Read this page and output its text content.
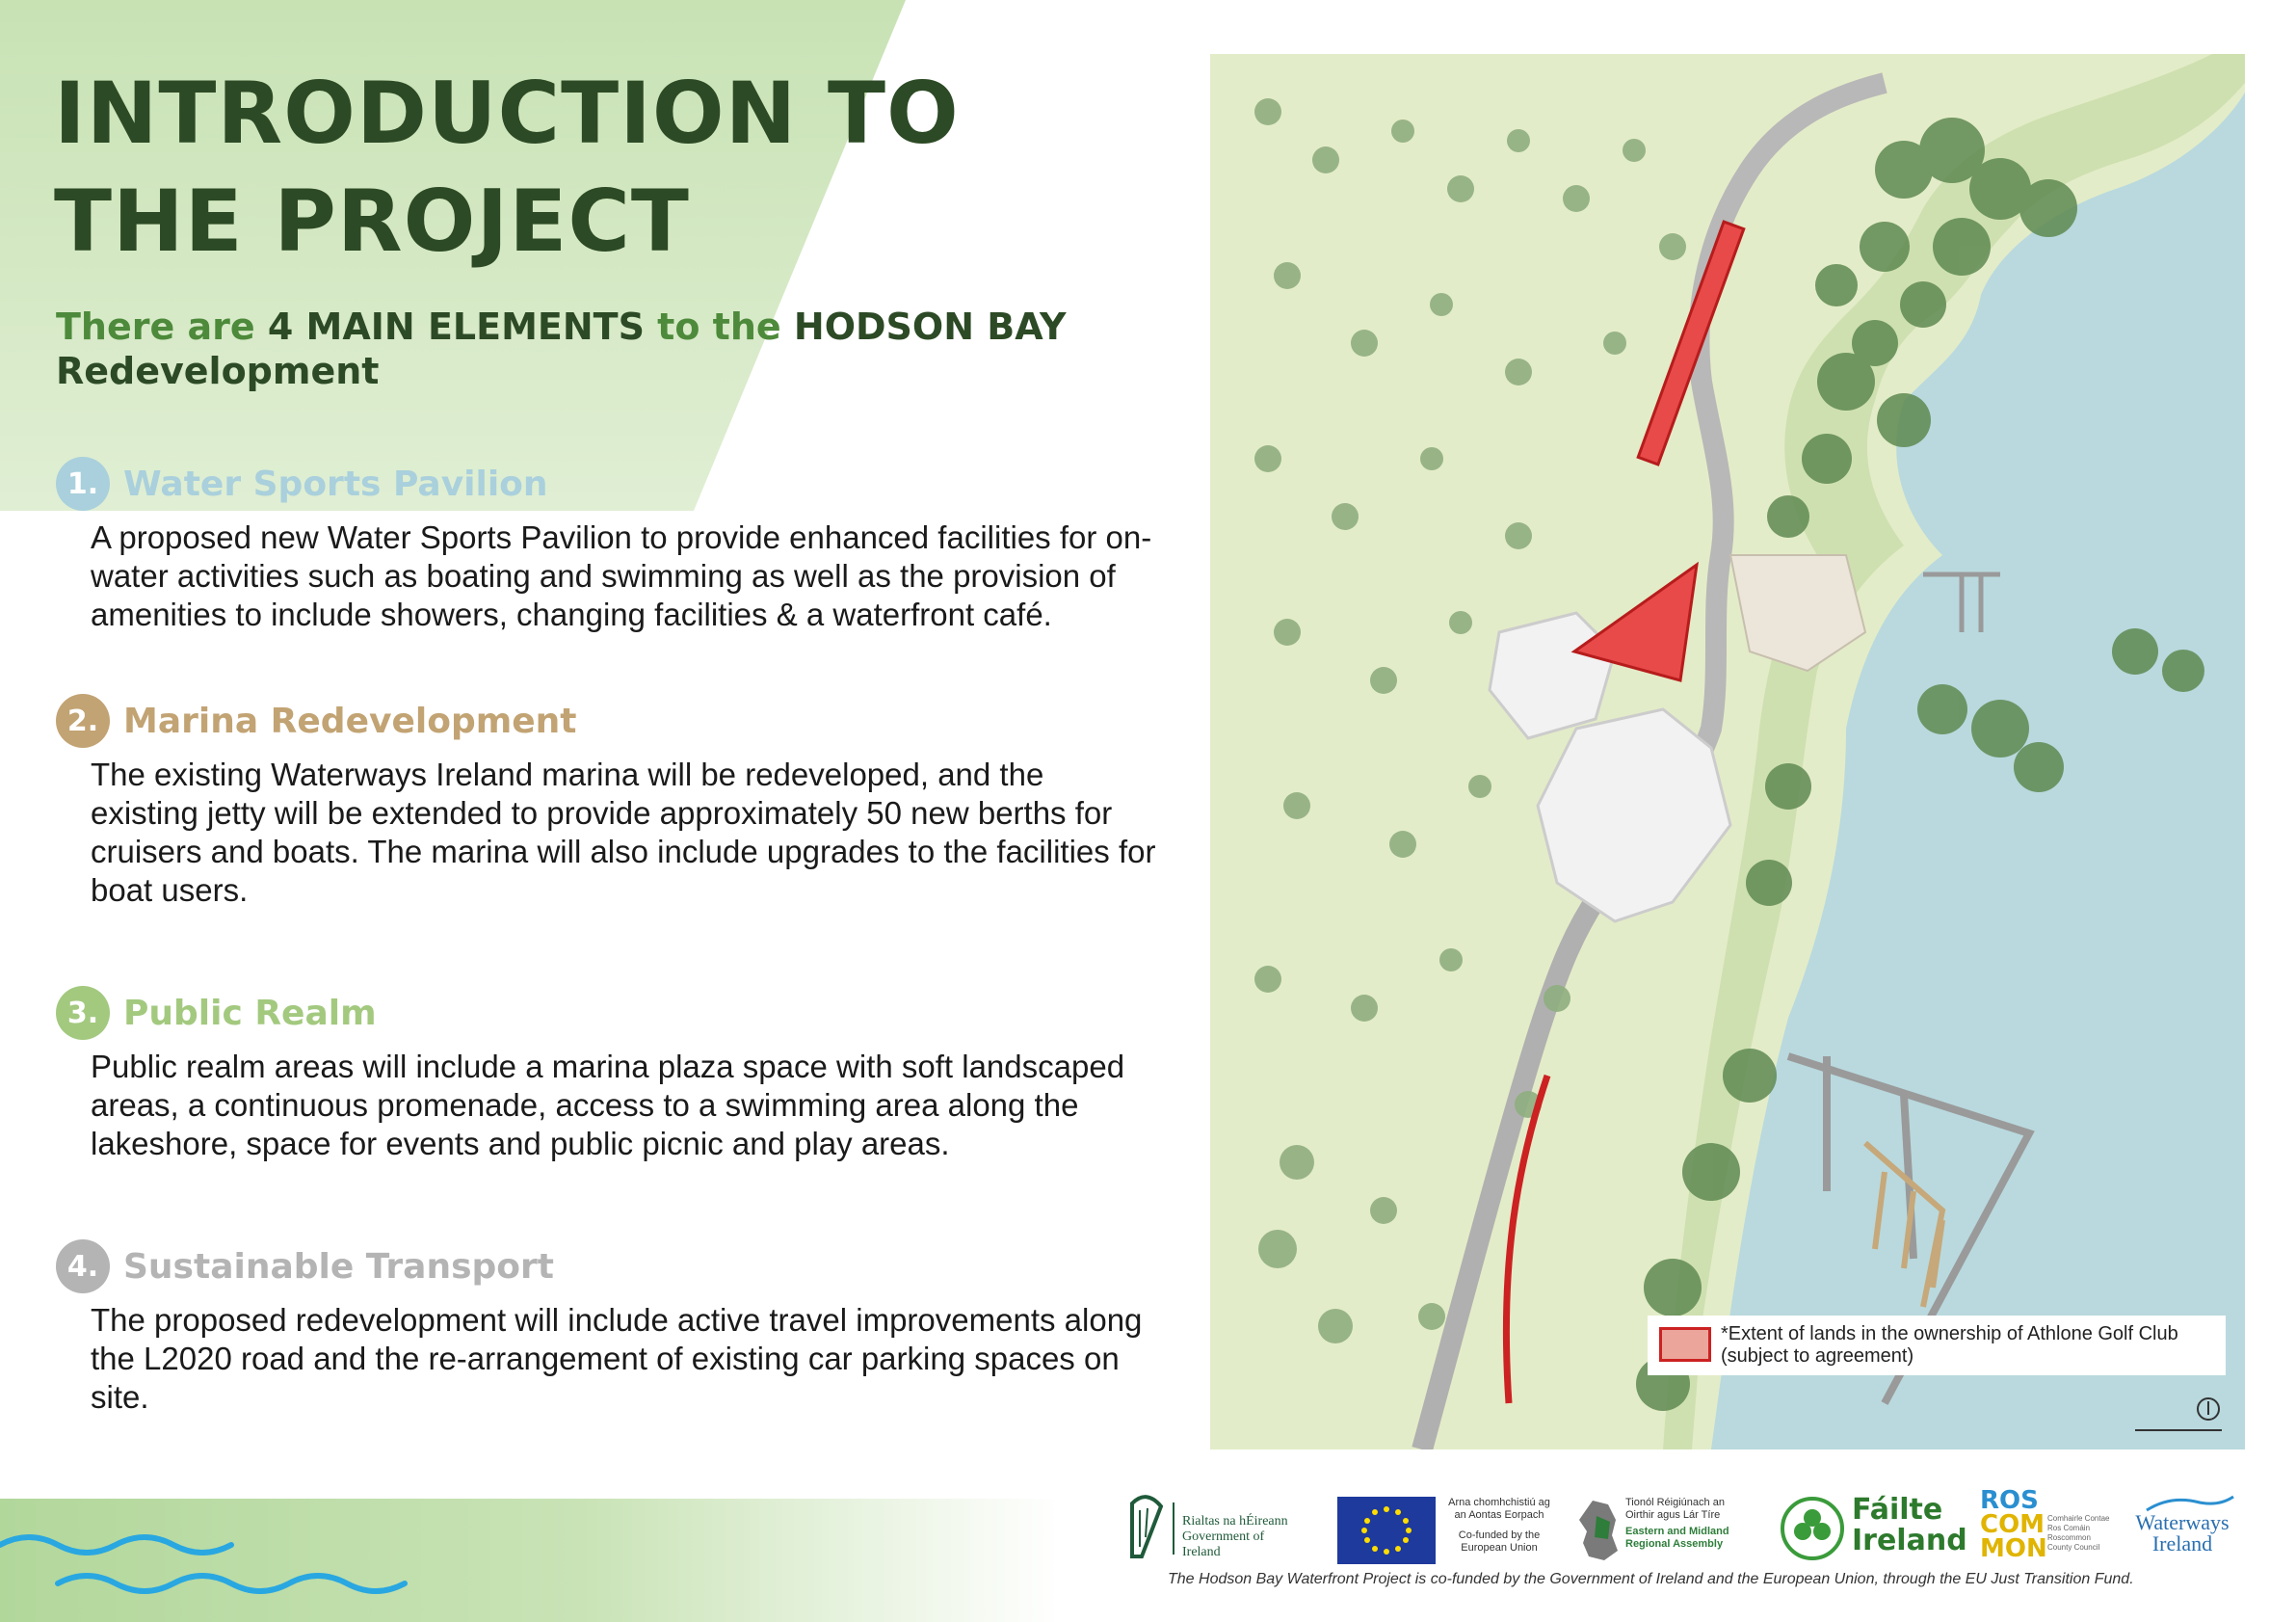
INTRODUCTION TO
THE PROJECT
There are 4 MAIN ELEMENTS to the HODSON BAY
Redevelopment
1. Water Sports Pavilion
A proposed new Water Sports Pavilion to provide enhanced facilities for on-water activities such as boating and swimming as well as the provision of amenities to include showers, changing facilities & a waterfront café.
2. Marina Redevelopment
The existing Waterways Ireland marina will be redeveloped, and the existing jetty will be extended to provide approximately 50 new berths for cruisers and boats. The marina will also include upgrades to the facilities for boat users.
3. Public Realm
Public realm areas will include a marina plaza space with soft landscaped areas, a continuous promenade, access to a swimming area along the lakeshore, space for events and public picnic and play areas.
4. Sustainable Transport
The proposed redevelopment will include active travel improvements along the L2020 road and the re-arrangement of existing car parking spaces on site.
*Extent of lands in the ownership of Athlone Golf Club (subject to agreement)
Rialtas na hÉireann
Government of Ireland
Arna chomhchistiú ag an Aontas Eorpach
Co-funded by the European Union
Tionól Réigiúnach an Oirthir agus Lár Tíre
Eastern and Midland Regional Assembly
Fáilte
Ireland
ROS
COM
MON
Comhairle Contae Ros Comáin
Roscommon County Council
Waterways
Ireland
The Hodson Bay Waterfront Project is co-funded by the Government of Ireland and the European Union, through the EU Just Transition Fund.
